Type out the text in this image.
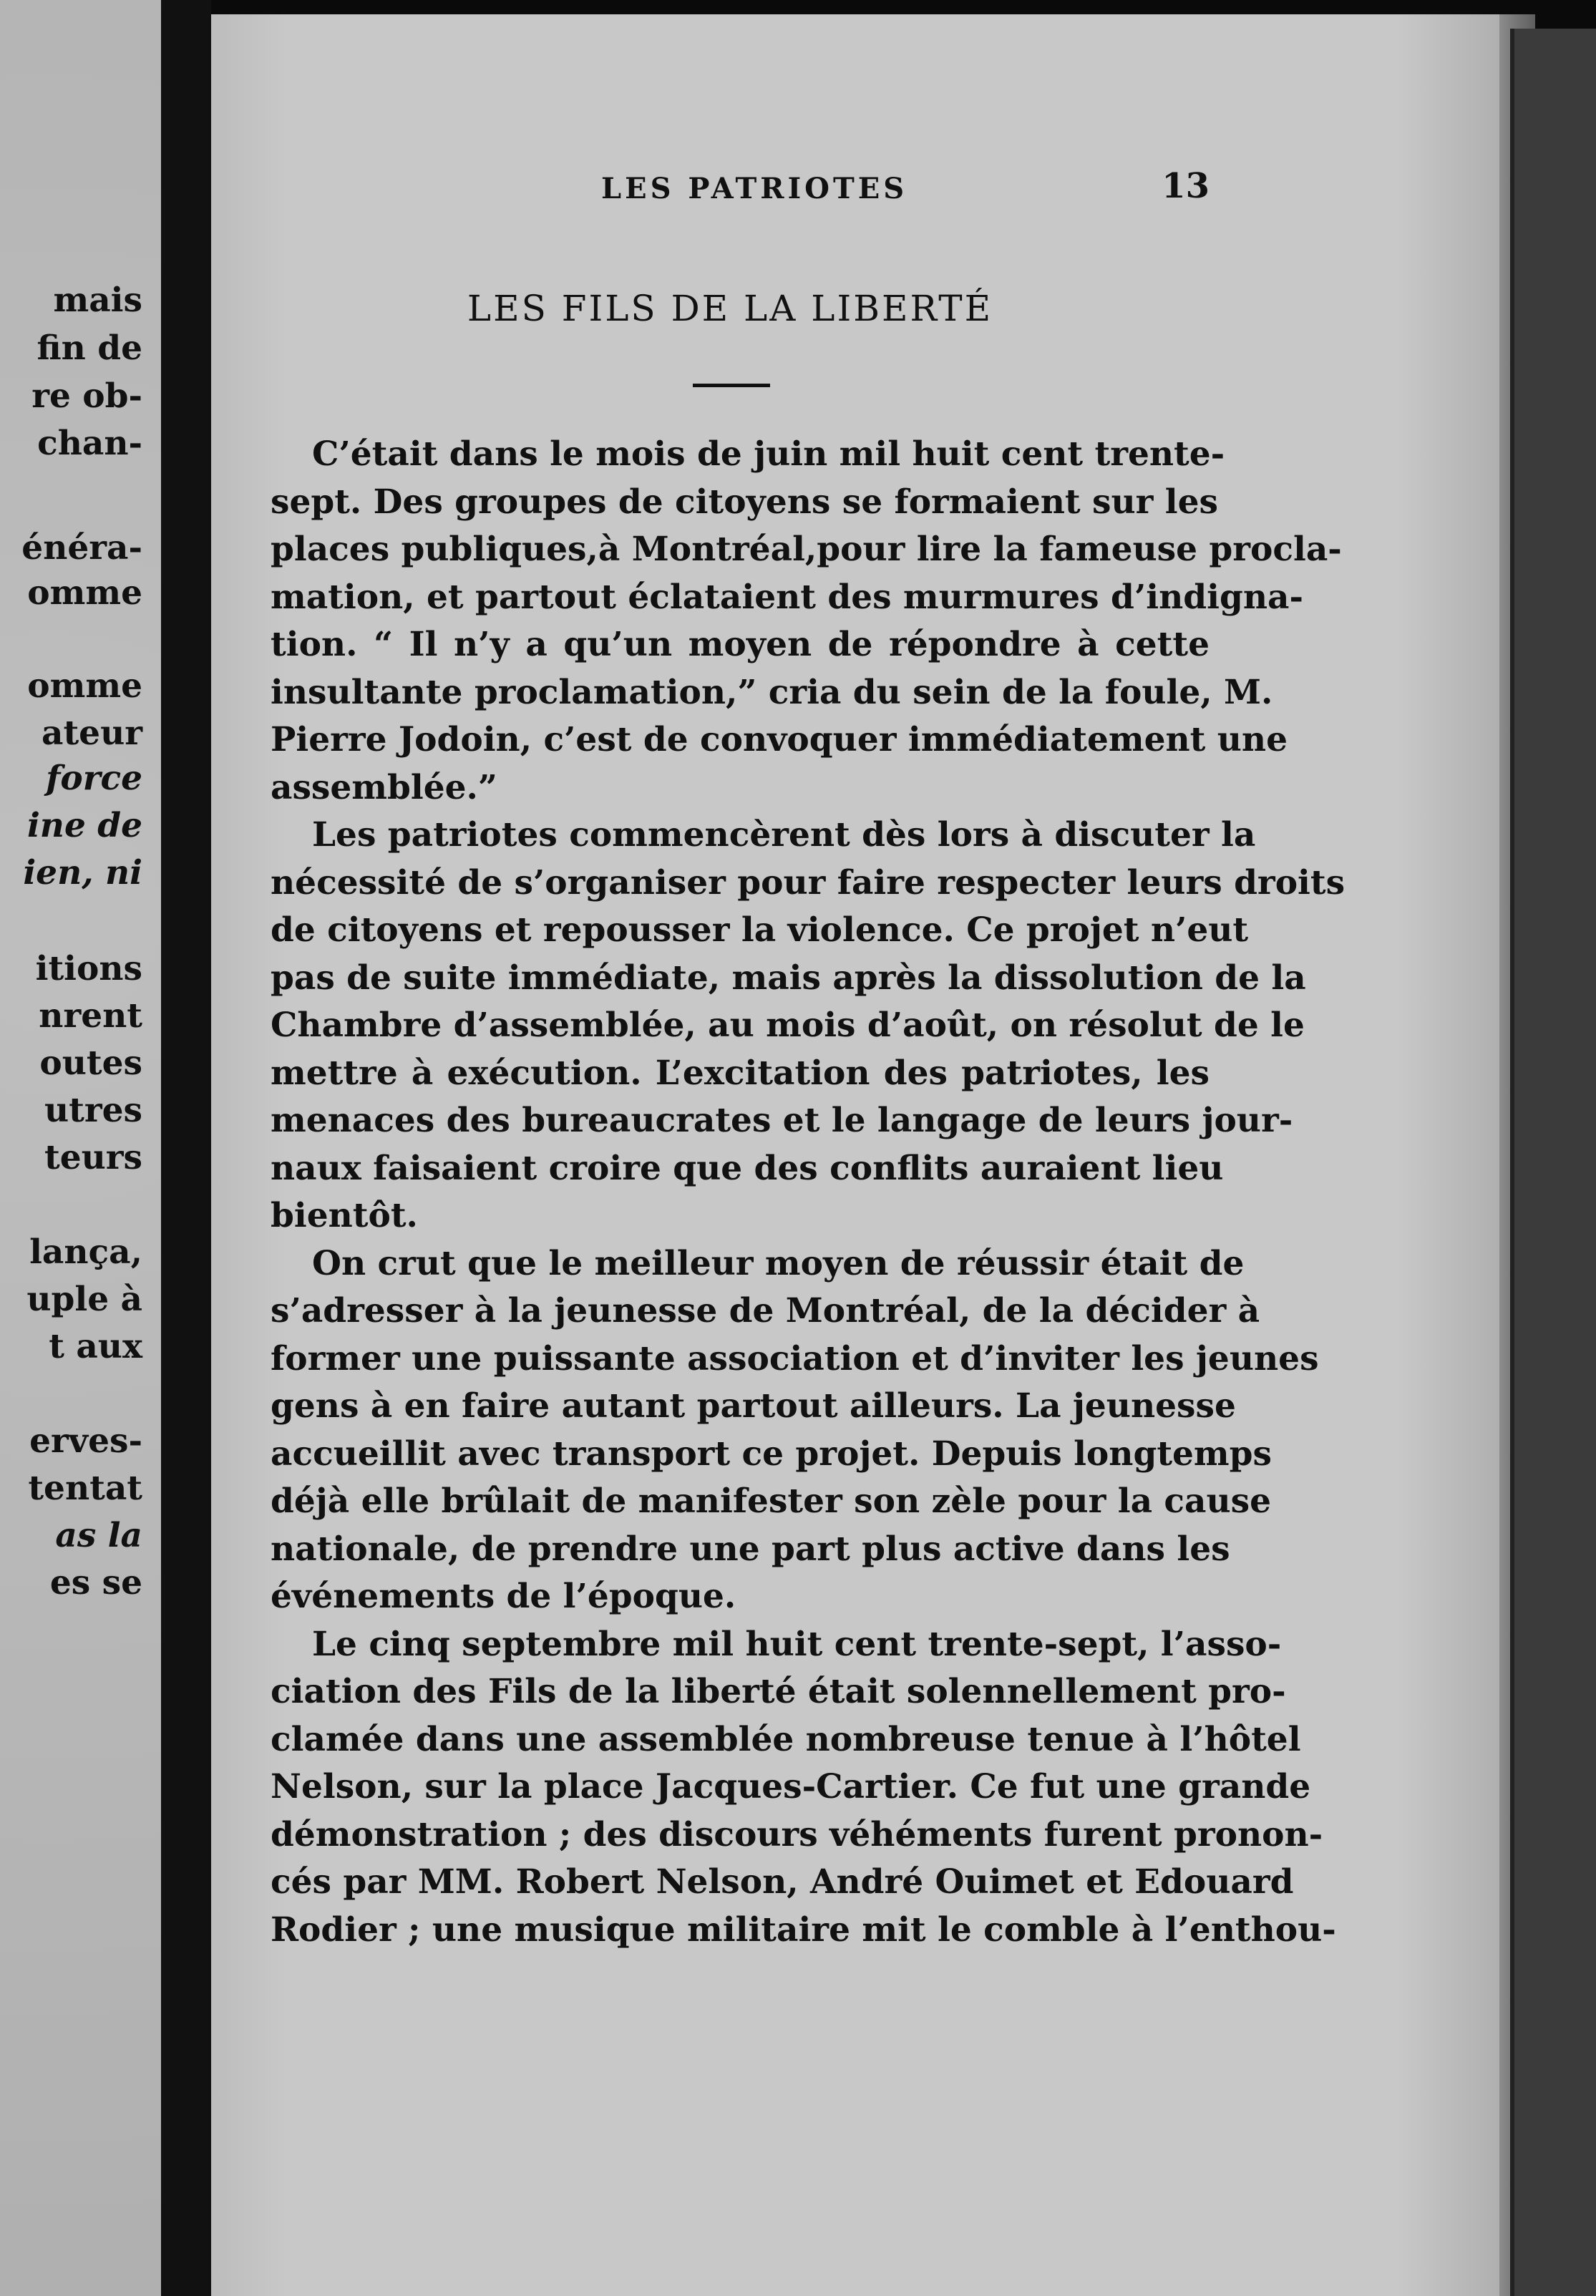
mais

fin de

re ob-

chan-

énéra-

omme

omme

ateur

force

ine de

ien, ni

itions

nrent

outes

utres

teurs

lança,

uple à

t aux

erves-

tentat

as la

es se

LES PATRIOTES	13
LES FILS DE LA LIBERTÉ

C’était dans le mois de juin mil huit cent trente-
sept. Des groupes de citoyens se formaient sur les
places publiques,à Montréal,pour lire la fameuse procla-
mation, et partout éclataient des murmures d’indigna-
tion. “ Il n’y a qu’un moyen de répondre à cette
insultante proclamation,” cria du sein de la foule, M.
Pierre Jodoin, c’est de convoquer immédiatement une
assemblée.”

Les patriotes commencèrent dès lors à discuter la
nécessité de s’organiser pour faire respecter leurs droits
de citoyens et repousser la violence. Ce projet n’eut
pas de suite immédiate, mais après la dissolution de la
Chambre d’assemblée, au mois d’août, on résolut de le
mettre à exécution. L’excitation des patriotes, les
menaces des bureaucrates et le langage de leurs jour-
naux faisaient croire que des conflits auraient lieu
bientôt.

On crut que le meilleur moyen de réussir était de
s’adresser à la jeunesse de Montréal, de la décider à
former une puissante association et d’inviter les jeunes
gens à en faire autant partout ailleurs. La jeunesse
accueillit avec transport ce projet. Depuis longtemps
déjà elle brûlait de manifester son zèle pour la cause
nationale, de prendre une part plus active dans les
événements de l’époque.

Le cinq septembre mil huit cent trente-sept, l’asso-
ciation des Fils de la liberté était solennellement pro-
clamée dans une assemblée nombreuse tenue à l’hôtel
Nelson, sur la place Jacques-Cartier. Ce fut une grande
démonstration ; des discours véhéments furent pronon-
cés par MM. Robert Nelson, André Ouimet et Edouard
Rodier ; une musique militaire mit le comble à l’enthou-
